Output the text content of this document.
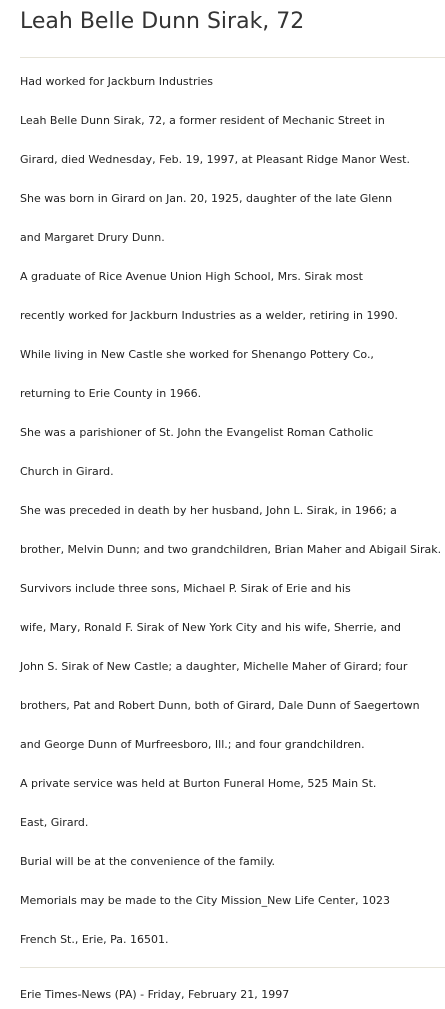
Leah Belle Dunn Sirak, 72
Had worked for Jackburn Industries
Leah Belle Dunn Sirak, 72, a former resident of Mechanic Street in
Girard, died Wednesday, Feb. 19, 1997, at Pleasant Ridge Manor West.
She was born in Girard on Jan. 20, 1925, daughter of the late Glenn
and Margaret Drury Dunn.
A graduate of Rice Avenue Union High School, Mrs. Sirak most
recently worked for Jackburn Industries as a welder, retiring in 1990.
While living in New Castle she worked for Shenango Pottery Co.,
returning to Erie County in 1966.
She was a parishioner of St. John the Evangelist Roman Catholic
Church in Girard.
She was preceded in death by her husband, John L. Sirak, in 1966; a
brother, Melvin Dunn; and two grandchildren, Brian Maher and Abigail Sirak.
Survivors include three sons, Michael P. Sirak of Erie and his
wife, Mary, Ronald F. Sirak of New York City and his wife, Sherrie, and
John S. Sirak of New Castle; a daughter, Michelle Maher of Girard; four
brothers, Pat and Robert Dunn, both of Girard, Dale Dunn of Saegertown
and George Dunn of Murfreesboro, Ill.; and four grandchildren.
A private service was held at Burton Funeral Home, 525 Main St.
East, Girard.
Burial will be at the convenience of the family.
Memorials may be made to the City Mission_New Life Center, 1023
French St., Erie, Pa. 16501.
Erie Times-News (PA) - Friday, February 21, 1997
